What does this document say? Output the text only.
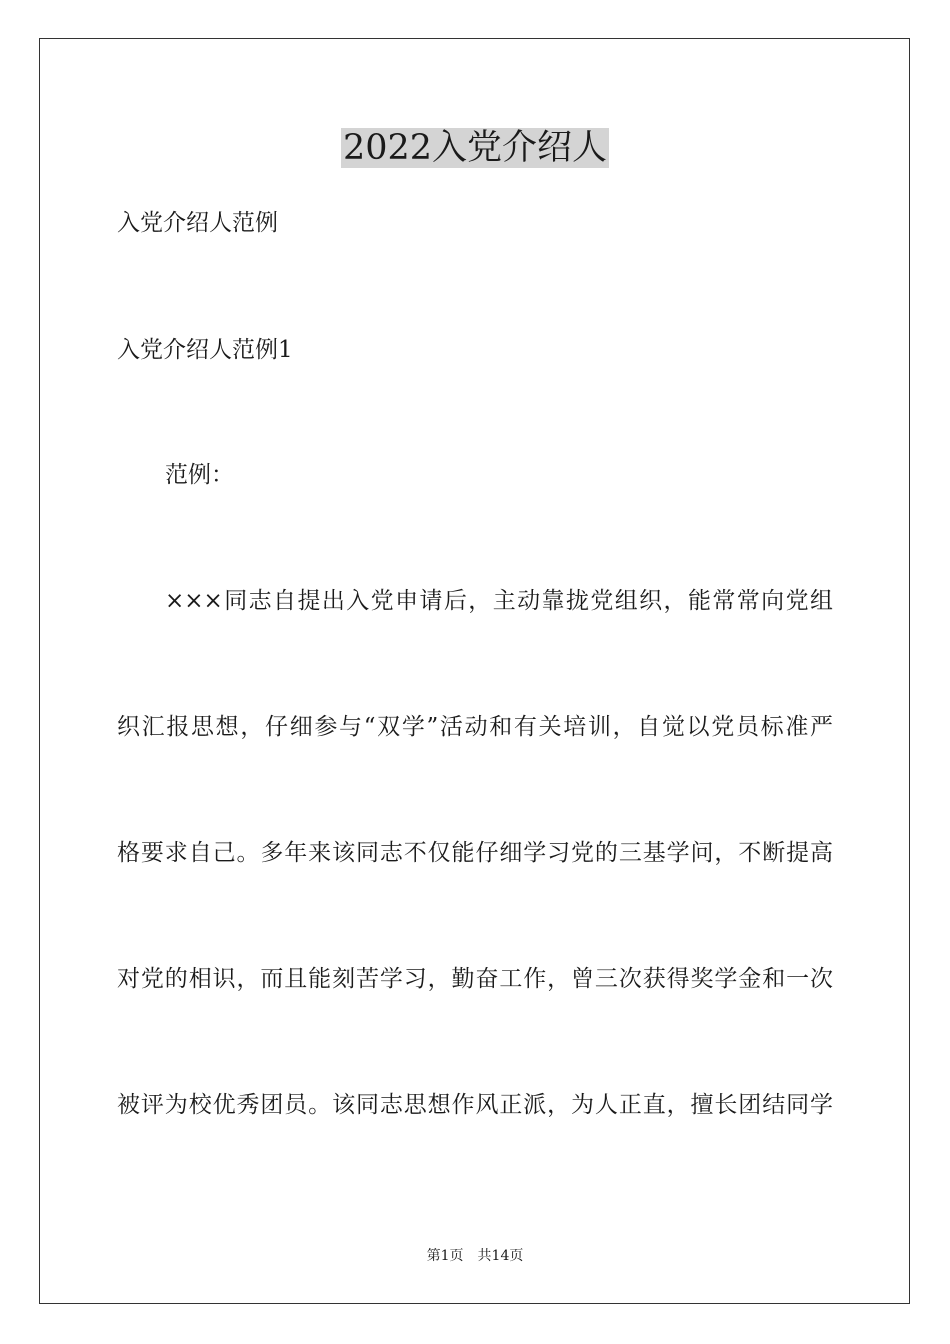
2022入党介绍人
入党介绍人范例
入党介绍人范例1
范例：
×××同志自提出入党申请后，主动靠拢党组织，能常常向党组
织汇报思想，仔细参与“双学”活动和有关培训，自觉以党员标准严
格要求自己。多年来该同志不仅能仔细学习党的三基学问，不断提高
对党的相识，而且能刻苦学习，勤奋工作，曾三次获得奖学金和一次
被评为校优秀团员。该同志思想作风正派，为人正直，擅长团结同学
第1页　共14页
